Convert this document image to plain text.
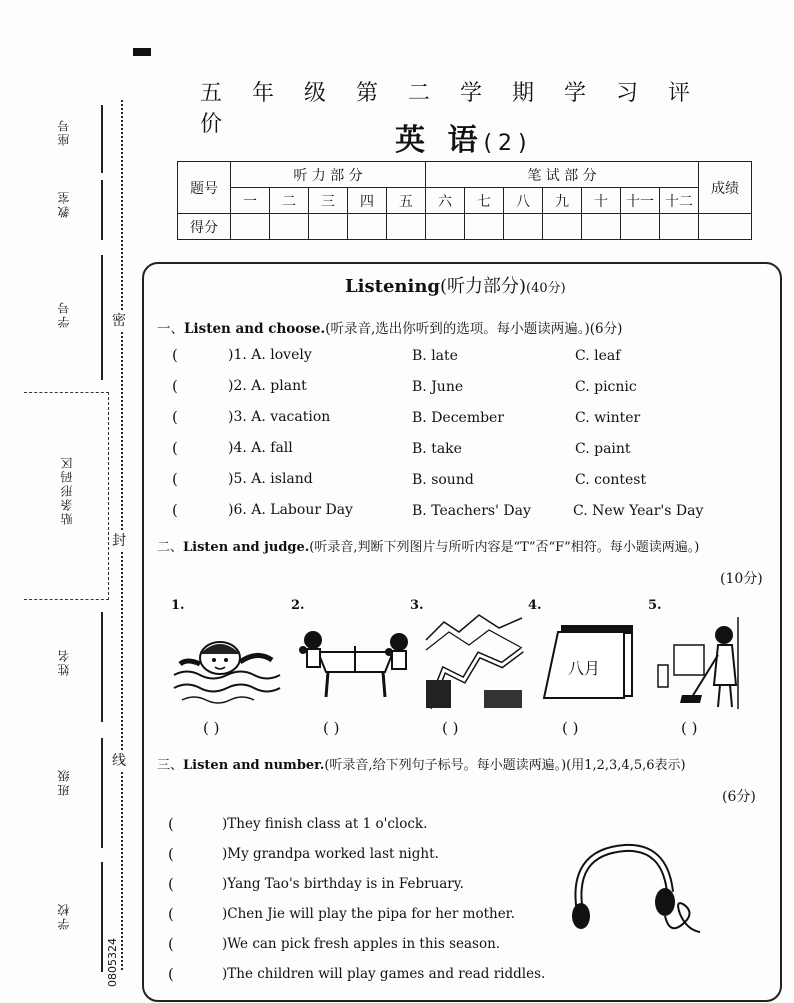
座号
教室
学号
贴条形码区
姓名
班级
学校
0805324
密
封
线
五年级第二学期学习评价	英 语(2)
题号	听 力 部 分					笔 试 部 分							成绩
	一	二	三	四	五	六	七	八	九	十	十一	十二	
得分													
Listening(听力部分)(40分)
一、Listen and choose.(听录音,选出你听到的选项。每小题读两遍。)(6分)
(	)1. A. lovely	B. late	C. leaf
(	)2. A. plant	B. June	C. picnic
(	)3. A. vacation	B. December	C. winter
(	)4. A. fall	B. take	C. paint
(	)5. A. island	B. sound	C. contest
(	)6. A. Labour Day	B. Teachers' Day	C. New Year's Day
二、Listen and judge.(听录音,判断下列图片与所听内容是“T”否“F”相符。每小题读两遍。)
(10分)
1.	2.	3.	4.	5.
八月
( )	( )	( )	( )	( )
三、Listen and number.(听录音,给下列句子标号。每小题读两遍。)(用1,2,3,4,5,6表示)
(6分)
(	)They finish class at 1 o'clock.
(	)My grandpa worked last night.
(	)Yang Tao's birthday is in February.
(	)Chen Jie will play the pipa for her mother.
(	)We can pick fresh apples in this season.
(	)The children will play games and read riddles.
